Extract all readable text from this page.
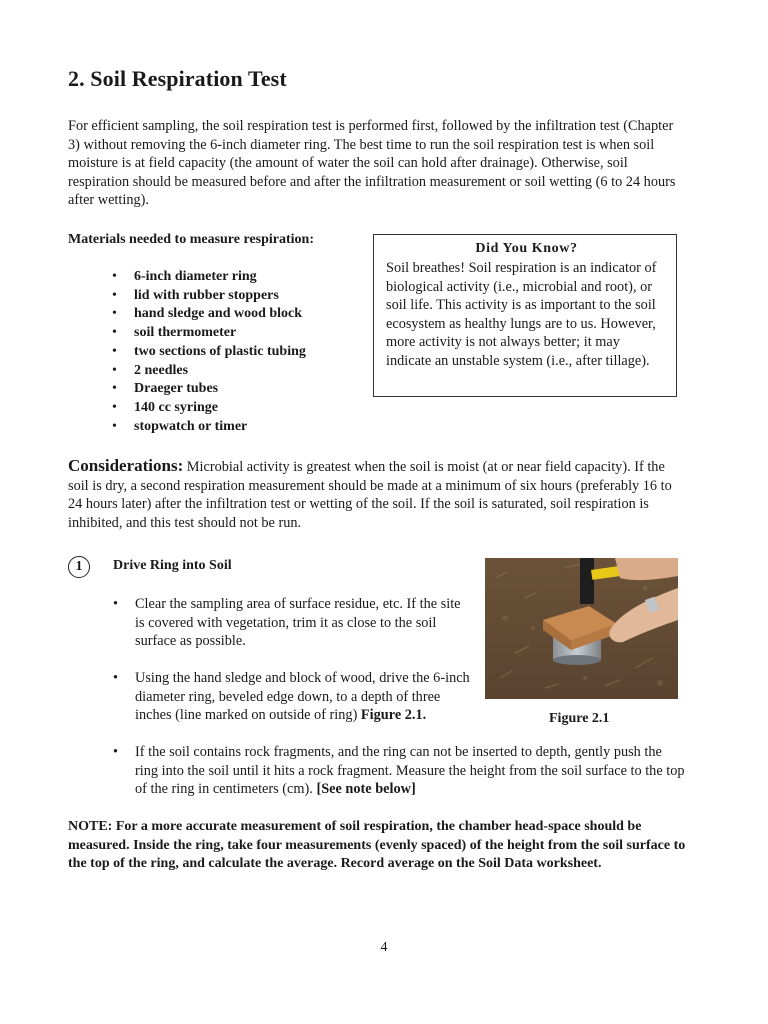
2. Soil Respiration Test

For efficient sampling, the soil respiration test is performed first, followed by the infiltration test (Chapter 3) without removing the 6-inch diameter ring. The best time to run the soil respiration test is when soil moisture is at field capacity (the amount of water the soil can hold after drainage). Otherwise, soil respiration should be measured before and after the infiltration measurement or soil wetting (6 to 24 hours after wetting).

Materials needed to measure respiration:

• 6-inch diameter ring
• lid with rubber stoppers
• hand sledge and wood block
• soil thermometer
• two sections of plastic tubing
• 2 needles
• Draeger tubes
• 140 cc syringe
• stopwatch or timer

Did You Know?

Soil breathes! Soil respiration is an indicator of biological activity (i.e., microbial and root), or soil life. This activity is as important to the soil ecosystem as healthy lungs are to us. However, more activity is not always better; it may indicate an unstable system (i.e., after tillage).

Considerations: Microbial activity is greatest when the soil is moist (at or near field capacity). If the soil is dry, a second respiration measurement should be made at a minimum of six hours (preferably 16 to 24 hours later) after the infiltration test or wetting of the soil. If the soil is saturated, soil respiration is inhibited, and this test should not be run.

1	Drive Ring into Soil

•	Clear the sampling area of surface residue, etc. If the site is covered with vegetation, trim it as close to the soil surface as possible.
•	Using the hand sledge and block of wood, drive the 6-inch diameter ring, beveled edge down, to a depth of three inches (line marked on outside of ring) Figure 2.1.
•	If the soil contains rock fragments, and the ring can not be inserted to depth, gently push the ring into the soil until it hits a rock fragment. Measure the height from the soil surface to the top of the ring in centimeters (cm). [See note below]

Figure 2.1

NOTE: For a more accurate measurement of soil respiration, the chamber head-space should be measured. Inside the ring, take four measurements (evenly spaced) of the height from the soil surface to the top of the ring, and calculate the average. Record average on the Soil Data worksheet.

4
